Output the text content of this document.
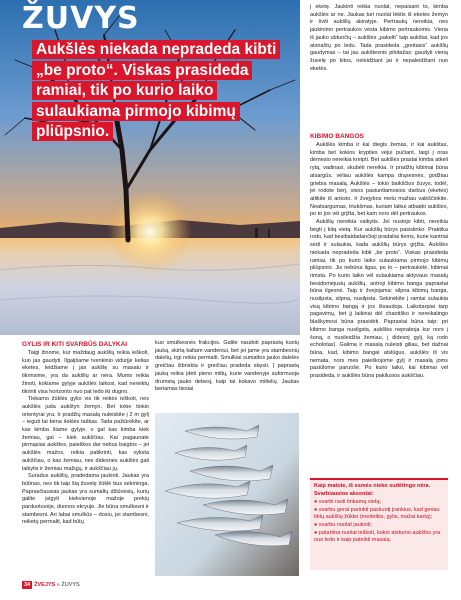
ŽUVYS
Aukšlės niekada nepradeda kibti „be proto“. Viskas prasideda ramiai, tik po kurio laiko sulaukiama pirmojo kibimų pliūpsnio.
GYLIS IR KITI SVARBŪS DALYKAI

Taigi žinome, kur maždaug aukšlių reikia ieškoti, kuo jas gaudyti. Ilgaiįšame tvenkinio vidurįje kelias eketes, leidžiame į jas aukšlę su masalu ir tikrinsime, yra da aukšlių ar nėra. Mums reikia žinoti, kokiame gylyje aukšlės laikosi, kad nereiktų tikrinti visa horizonto nuo pat ledo iki dugno.

Tiekamo žūklės gylio vis tik reikės ieškoti, nes aukšlės juda aukštyn žemyn. Bet tokie tiokio orientyrai yra. Ir pradžių masalą nuleiskite į 2 m gylį – ieguti tai bėna šeklės taškas. Tada pažiūrėkite, ar kas kimba šiame gylyje, o gal kas kimba kiek žemiau, gal – kiek aukščiau. Kai pagaunate pirmąsias aukšles, paieškos dar nebus baigtos – jei aukšlės mažos, reikia patikrinti, kas vyksta aukščiau, o kas žemiau, nes didesnės aukšlės gali laikytis ir žemiau mažųjų, ir aukščiau jų.

Suradus aukšlių, pradedama jaukinti. Jaukas yra būtinas, nes tik taip šią žuvelę žūklė bus sėkminga. Paprasčiausias jaukas yra sumaltų džiūvėsių, kurių galite įsigyti kiekvienoje mažoje prekių parduotuvėje, duonos ekryuje. Jie būna smulkesni ir stambesni. Ari labai smulkūs – dosiu, jei stambesni, reiketų permalti, kad būtų

kuo smulkesnės frakcijos. Galite naudoti paprastą kuolų jauką, skirtą kaltam vandeniui, bet jei jame yra stambesnių dalelių, irgi reikia permalti. Smulkiai sumaltos jauko dalelės greičiau išbriskta ir greičiau pradeda skęsti. Į paprastą jauką reikia įdėti pieno miltų, kurie vandenyje suformuoja drumstą jauko debesį, kaip tai kokavo miltelių. Jaukas beriamas tiesiai

į eketę. Jaukinti reikia nuolat, nepaisant to, kimba aukšlės ar ne. Jaukas turi nuolat lėktis iš eketės žemyn ir šviti aukšlių akiratyje. Pertraukų nereikia, nes jaukinimo pertraukos vėsta kibimo pertraukomis. Viena iš jauko ubtuočių – aukšlės „pakelti“ taip aukštai, kad jos atsiraštų po ledu. Tada prasideda „greitasis“ aukšlių gaudymas – tai jau aukštesnis pilotažas: gaudyti vieną žuvelę po kitos, neleidžiant jai ir nepaleidžiant nuo eketės.

KIBIMO BANGOS

Aukšlės kimba ir kai diegis žemas, ir kai aukštas, kimba bet kokios krypties vėjui pučiant, taigi į oras dėmesio nereikia kreipti. Bet aukšlės prastai kimba atkeli rytą, vadinasi, skubėti nereikia. Ir pradžių kibimai būna atsargūs, vėliau aukšlės kampa drąsesnės, godžiau griebia masalą. Aukšlės – tokio baikščios žuvys, todėl, jei rodote bėrį, visos pasiuntiamosios darbus (eketes) atlikite iš anksto. Ir žvejybos metu mažiau vaikščiokite. Neatsargumas, triukšmas, kuriam laikui atbaido aukšles, po to jos vėl grįžta, bet kam nors dėl pertraukos.

Aukšlių nereikia vaikytis. Jei nustojo kibti, nereikia bėgti į kitą vietą. Kur aukšlių būrys pasislinko. Praktika rodo, kad besibaidadančioji pradaliai tiems, kurie kantriai sėdi ir sulaukia, kada aukšlių būrys grįžta. Aukšlės niekada nepradeda kibti „be proto“. Viskas prasideda ramiai, tik po kurio laiko sulaukiama pirmojo kibimų pliūpsnio. Jis nebūna ilgas, po to – pertraukėlė, kibimai rimsta. Po kurio laiko vėl sulaukiama aktyvaus masalų besidomėjusių aukšlių, antroji kibimo banga paprastai būna ilgesnė. Taip ir žvejojama: silpna kibimų banga, nusilpsta, silpna, nusilpsta. Sekinėkite į ramiai sulaukia visą kibimo bangą ir jos išsaudoja. Laikotarpiai tarp pagavimų, bet jį laikinai dėl chaotiško ir nereikalingo blaškymosi būna prasidėti. Paprastai būna taip: pri kibimo banga nusilgsta, aukšlės nepraboja kur nors į šoną, o nusileidžia žemiau, į didesnį gylį, ką rodo echolotas). Galima ir masalą nuleisti giliau, bet dažnai būna, kad, kibimo bangai atslūgus, aukšlės iš vis nemata, nors mes paieškojome gylį ir masalą joms pasiūlome paruošė. Po kurio laiko, kai kibimai vėl prasideda, ir aukšlės būna pakilusios aukščiau.

Kaip matote, iš esmės nieko sudėtingo nėra. Svarbiausios aksentai:
● svarbi rasti tinkamą vietą;
● svarbu gerai parinkti paskuotį įrankius, kad geriau tiktų aukšlių žūklei (medelkis, gylis, mažai kartą);
● svarbu nuolat jaukinti;
● patartina nuolat ieškoti, kokio atstumo aukšlės yra nuo ledo ir kaip pateikti masalą.
34 ŽVEJYS » ŽUVYS
